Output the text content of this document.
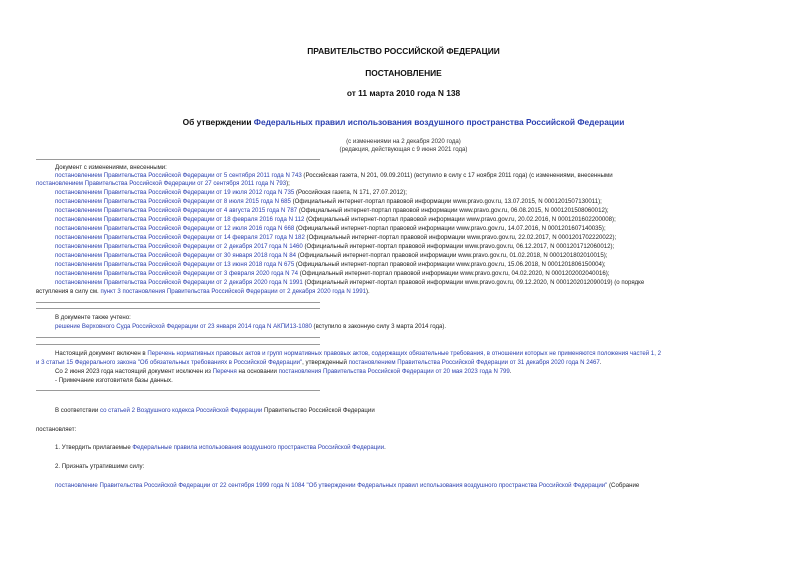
ПРАВИТЕЛЬСТВО РОССИЙСКОЙ ФЕДЕРАЦИИ
ПОСТАНОВЛЕНИЕ
от 11 марта 2010 года N 138
Об утверждении Федеральных правил использования воздушного пространства Российской Федерации
(с изменениями на 2 декабря 2020 года)
(редакция, действующая с 9 июня 2021 года)
Документ с изменениями, внесенными:
постановлением Правительства Российской Федерации от 5 сентября 2011 года N 743 (Российская газета, N 201, 09.09.2011) (вступило в силу с 17 ноября 2011 года) (с изменениями, внесенными
постановлением Правительства Российской Федерации от 27 сентября 2011 года N 793);
постановлением Правительства Российской Федерации от 19 июля 2012 года N 735 (Российская газета, N 171, 27.07.2012);
постановлением Правительства Российской Федерации от 8 июля 2015 года N 685 (Официальный интернет-портал правовой информации www.pravo.gov.ru, 13.07.2015, N 0001201507130011);
постановлением Правительства Российской Федерации от 4 августа 2015 года N 787 (Официальный интернет-портал правовой информации www.pravo.gov.ru, 06.08.2015, N 0001201508060012);
постановлением Правительства Российской Федерации от 18 февраля 2016 года N 112 (Официальный интернет-портал правовой информации www.pravo.gov.ru, 20.02.2016, N 0001201602200008);
постановлением Правительства Российской Федерации от 12 июля 2016 года N 668 (Официальный интернет-портал правовой информации www.pravo.gov.ru, 14.07.2016, N 0001201607140035);
постановлением Правительства Российской Федерации от 14 февраля 2017 года N 182 (Официальный интернет-портал правовой информации www.pravo.gov.ru, 22.02.2017, N 0001201702220022);
постановлением Правительства Российской Федерации от 2 декабря 2017 года N 1460 (Официальный интернет-портал правовой информации www.pravo.gov.ru, 06.12.2017, N 0001201712060012);
постановлением Правительства Российской Федерации от 30 января 2018 года N 84 (Официальный интернет-портал правовой информации www.pravo.gov.ru, 01.02.2018, N 0001201802010015);
постановлением Правительства Российской Федерации от 13 июня 2018 года N 675 (Официальный интернет-портал правовой информации www.pravo.gov.ru, 15.06.2018, N 0001201806150004);
постановлением Правительства Российской Федерации от 3 февраля 2020 года N 74 (Официальный интернет-портал правовой информации www.pravo.gov.ru, 04.02.2020, N 0001202002040016);
постановлением Правительства Российской Федерации от 2 декабря 2020 года N 1991 (Официальный интернет-портал правовой информации www.pravo.gov.ru, 09.12.2020, N 0001202012090019) (о порядке
вступления в силу см. пункт 3 постановления Правительства Российской Федерации от 2 декабря 2020 года N 1991).
В документе также учтено:
решение Верховного Суда Российской Федерации от 23 января 2014 года N АКПИ13-1080 (вступило в законную силу 3 марта 2014 года).
Настоящий документ включен в Перечень нормативных правовых актов и групп нормативных правовых актов, содержащих обязательные требования, в отношении которых не применяются положения частей 1, 2
и 3 статьи 15 Федерального закона "Об обязательных требованиях в Российской Федерации", утвержденный постановлением Правительства Российской Федерации от 31 декабря 2020 года N 2467.
Со 2 июня 2023 года настоящий документ исключен из Перечня на основании постановления Правительства Российской Федерации от 20 мая 2023 года N 799.
- Примечание изготовителя базы данных.
В соответствии со статьей 2 Воздушного кодекса Российской Федерации Правительство Российской Федерации
постановляет:
1. Утвердить прилагаемые Федеральные правила использования воздушного пространства Российской Федерации.
2. Признать утратившими силу:
постановление Правительства Российской Федерации от 22 сентября 1999 года N 1084 "Об утверждении Федеральных правил использования воздушного пространства Российской Федерации" (Собрание
